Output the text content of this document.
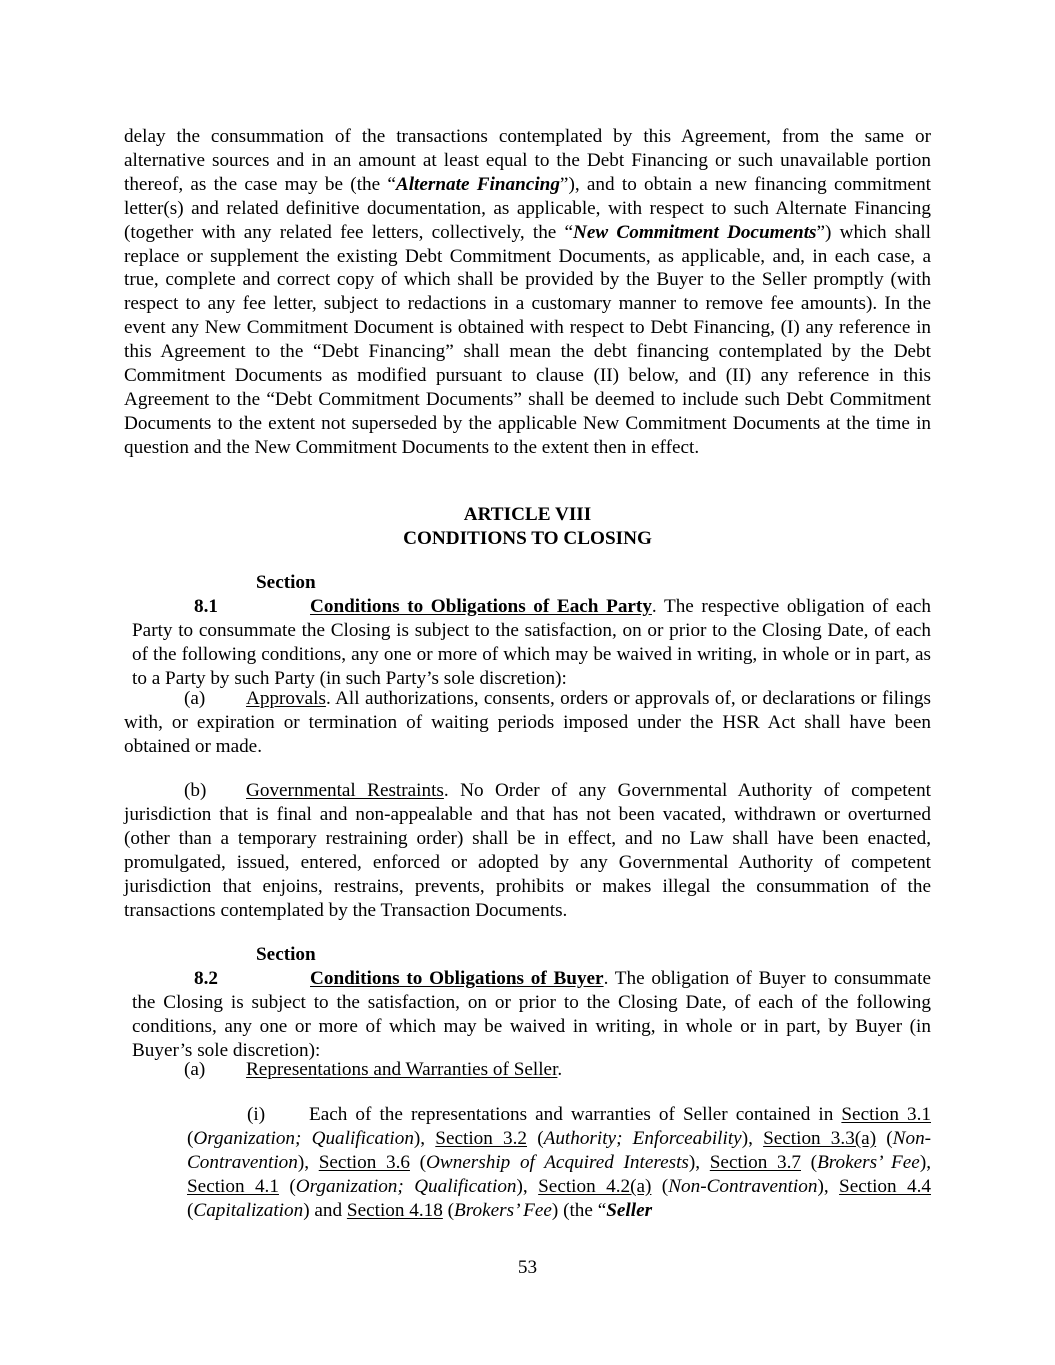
delay the consummation of the transactions contemplated by this Agreement, from the same or alternative sources and in an amount at least equal to the Debt Financing or such unavailable portion thereof, as the case may be (the “Alternate Financing”), and to obtain a new financing commitment letter(s) and related definitive documentation, as applicable, with respect to such Alternate Financing (together with any related fee letters, collectively, the “New Commitment Documents”) which shall replace or supplement the existing Debt Commitment Documents, as applicable, and, in each case, a true, complete and correct copy of which shall be provided by the Buyer to the Seller promptly (with respect to any fee letter, subject to redactions in a customary manner to remove fee amounts). In the event any New Commitment Document is obtained with respect to Debt Financing, (I) any reference in this Agreement to the “Debt Financing” shall mean the debt financing contemplated by the Debt Commitment Documents as modified pursuant to clause (II) below, and (II) any reference in this Agreement to the “Debt Commitment Documents” shall be deemed to include such Debt Commitment Documents to the extent not superseded by the applicable New Commitment Documents at the time in question and the New Commitment Documents to the extent then in effect.

ARTICLE VIII

CONDITIONS TO CLOSING

Section 8.1	Conditions to Obligations of Each Party. The respective obligation of each Party to consummate the Closing is subject to the satisfaction, on or prior to the Closing Date, of each of the following conditions, any one or more of which may be waived in writing, in whole or in part, as to a Party by such Party (in such Party’s sole discretion):

(a) Approvals. All authorizations, consents, orders or approvals of, or declarations or filings with, or expiration or termination of waiting periods imposed under the HSR Act shall have been obtained or made.

(b) Governmental Restraints. No Order of any Governmental Authority of competent jurisdiction that is final and non-appealable and that has not been vacated, withdrawn or overturned (other than a temporary restraining order) shall be in effect, and no Law shall have been enacted, promulgated, issued, entered, enforced or adopted by any Governmental Authority of competent jurisdiction that enjoins, restrains, prevents, prohibits or makes illegal the consummation of the transactions contemplated by the Transaction Documents.

Section 8.2	Conditions to Obligations of Buyer. The obligation of Buyer to consummate the Closing is subject to the satisfaction, on or prior to the Closing Date, of each of the following conditions, any one or more of which may be waived in writing, in whole or in part, by Buyer (in Buyer’s sole discretion):

(a) Representations and Warranties of Seller.

(i) Each of the representations and warranties of Seller contained in Section 3.1 (Organization; Qualification), Section 3.2 (Authority; Enforceability), Section 3.3(a) (Non-Contravention), Section 3.6 (Ownership of Acquired Interests), Section 3.7 (Brokers’ Fee), Section 4.1 (Organization; Qualification), Section 4.2(a) (Non-Contravention), Section 4.4 (Capitalization) and Section 4.18 (Brokers’ Fee) (the “Seller

53
